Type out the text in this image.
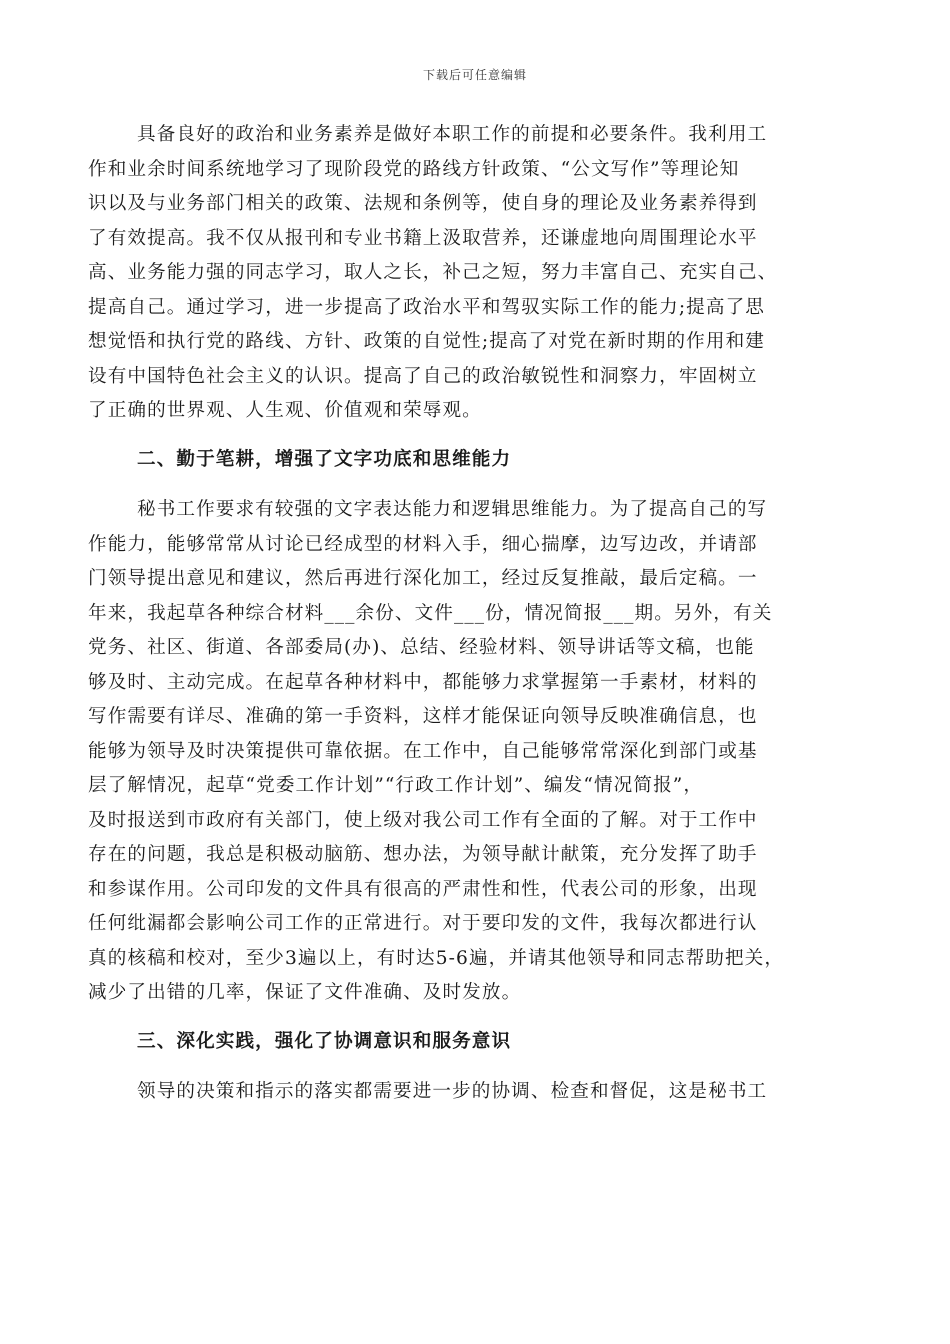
下载后可任意编辑
具备良好的政治和业务素养是做好本职工作的前提和必要条件。我利用工
作和业余时间系统地学习了现阶段党的路线方针政策、“公文写作”等理论知
识以及与业务部门相关的政策、法规和条例等，使自身的理论及业务素养得到
了有效提高。我不仅从报刊和专业书籍上汲取营养，还谦虚地向周围理论水平
高、业务能力强的同志学习，取人之长，补己之短，努力丰富自己、充实自己、
提高自己。通过学习，进一步提高了政治水平和驾驭实际工作的能力;提高了思
想觉悟和执行党的路线、方针、政策的自觉性;提高了对党在新时期的作用和建
设有中国特色社会主义的认识。提高了自己的政治敏锐性和洞察力，牢固树立
了正确的世界观、人生观、价值观和荣辱观。
二、勤于笔耕，增强了文字功底和思维能力
秘书工作要求有较强的文字表达能力和逻辑思维能力。为了提高自己的写
作能力，能够常常从讨论已经成型的材料入手，细心揣摩，边写边改，并请部
门领导提出意见和建议，然后再进行深化加工，经过反复推敲，最后定稿。一
年来，我起草各种综合材料___余份、文件___份，情况简报___期。另外，有关
党务、社区、街道、各部委局(办)、总结、经验材料、领导讲话等文稿，也能
够及时、主动完成。在起草各种材料中，都能够力求掌握第一手素材，材料的
写作需要有详尽、准确的第一手资料，这样才能保证向领导反映准确信息，也
能够为领导及时决策提供可靠依据。在工作中，自己能够常常深化到部门或基
层了解情况，起草“党委工作计划”“行政工作计划”、编发“情况简报”，
及时报送到市政府有关部门，使上级对我公司工作有全面的了解。对于工作中
存在的问题，我总是积极动脑筋、想办法，为领导献计献策，充分发挥了助手
和参谋作用。公司印发的文件具有很高的严肃性和性，代表公司的形象，出现
任何纰漏都会影响公司工作的正常进行。对于要印发的文件，我每次都进行认
真的核稿和校对，至少3遍以上，有时达5-6遍，并请其他领导和同志帮助把关，
减少了出错的几率，保证了文件准确、及时发放。
三、深化实践，强化了协调意识和服务意识
领导的决策和指示的落实都需要进一步的协调、检查和督促，这是秘书工
